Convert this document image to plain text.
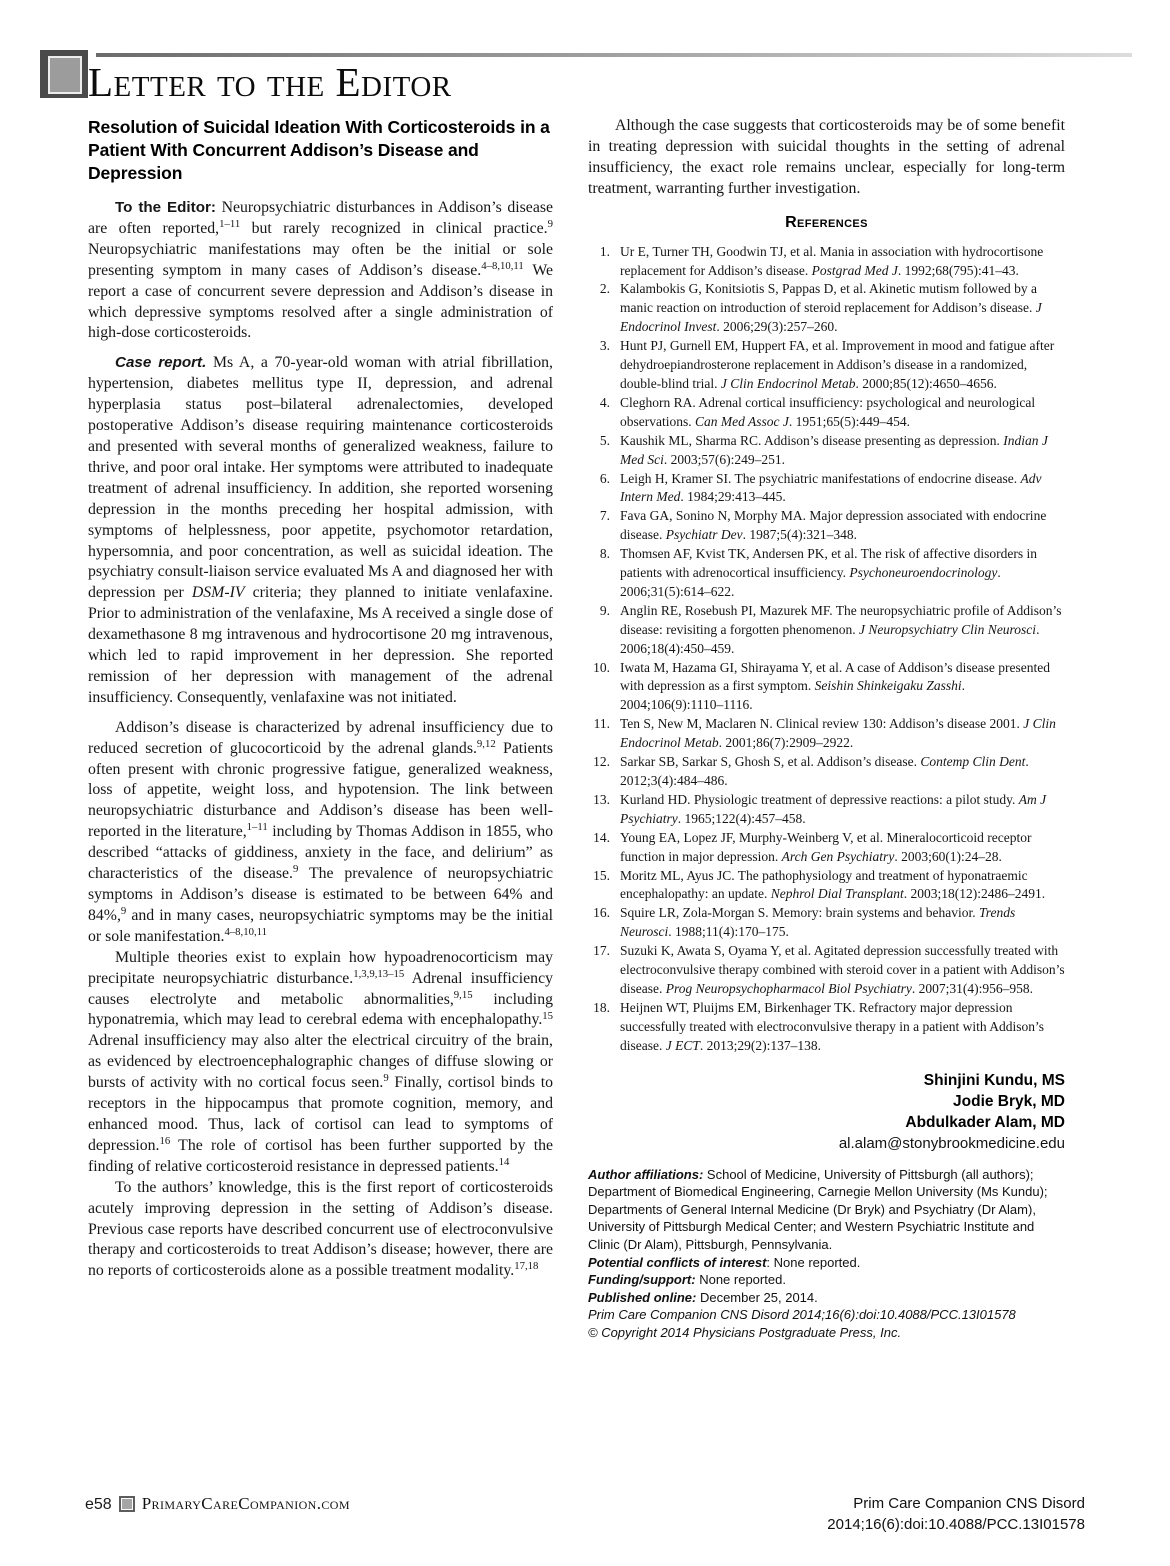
Letter to the Editor
Resolution of Suicidal Ideation With Corticosteroids in a Patient With Concurrent Addison’s Disease and Depression

To the Editor: Neuropsychiatric disturbances in Addison’s disease are often reported,$^{1-11}$ but rarely recognized in clinical practice.$^9$ Neuropsychiatric manifestations may often be the initial or sole presenting symptom in many cases of Addison’s disease.$^{4-8,10,11}$ We report a case of concurrent severe depression and Addison’s disease in which depressive symptoms resolved after a single administration of high-dose corticosteroids.

Case report. Ms A, a 70-year-old woman with atrial fibrillation, hypertension, diabetes mellitus type II, depression, and adrenal hyperplasia status post–bilateral adrenalectomies, developed postoperative Addison’s disease requiring maintenance corticosteroids and presented with several months of generalized weakness, failure to thrive, and poor oral intake. Her symptoms were attributed to inadequate treatment of adrenal insufficiency. In addition, she reported worsening depression in the months preceding her hospital admission, with symptoms of helplessness, poor appetite, psychomotor retardation, hypersomnia, and poor concentration, as well as suicidal ideation. The psychiatry consult-liaison service evaluated Ms A and diagnosed her with depression per DSM-IV criteria; they planned to initiate venlafaxine. Prior to administration of the venlafaxine, Ms A received a single dose of dexamethasone 8 mg intravenous and hydrocortisone 20 mg intravenous, which led to rapid improvement in her depression. She reported remission of her depression with management of the adrenal insufficiency. Consequently, venlafaxine was not initiated.

Addison’s disease is characterized by adrenal insufficiency due to reduced secretion of glucocorticoid by the adrenal glands.$^{9,12}$ Patients often present with chronic progressive fatigue, generalized weakness, loss of appetite, weight loss, and hypotension. The link between neuropsychiatric disturbance and Addison’s disease has been well-reported in the literature,$^{1-11}$ including by Thomas Addison in 1855, who described “attacks of giddiness, anxiety in the face, and delirium” as characteristics of the disease.$^9$ The prevalence of neuropsychiatric symptoms in Addison’s disease is estimated to be between 64% and 84%,$^9$ and in many cases, neuropsychiatric symptoms may be the initial or sole manifestation.$^{4-8,10,11}$

Multiple theories exist to explain how hypoadrenocorticism may precipitate neuropsychiatric disturbance.$^{1,3,9,13-15}$ Adrenal insufficiency causes electrolyte and metabolic abnormalities,$^{9,15}$ including hyponatremia, which may lead to cerebral edema with encephalopathy.$^{15}$ Adrenal insufficiency may also alter the electrical circuitry of the brain, as evidenced by electroencephalographic changes of diffuse slowing or bursts of activity with no cortical focus seen.$^9$ Finally, cortisol binds to receptors in the hippocampus that promote cognition, memory, and enhanced mood. Thus, lack of cortisol can lead to symptoms of depression.$^{16}$ The role of cortisol has been further supported by the finding of relative corticosteroid resistance in depressed patients.$^{14}$

To the authors’ knowledge, this is the first report of corticosteroids acutely improving depression in the setting of Addison’s disease. Previous case reports have described concurrent use of electroconvulsive therapy and corticosteroids to treat Addison’s disease; however, there are no reports of corticosteroids alone as a possible treatment modality.$^{17,18}$

Although the case suggests that corticosteroids may be of some benefit in treating depression with suicidal thoughts in the setting of adrenal insufficiency, the exact role remains unclear, especially for long-term treatment, warranting further investigation.

References
1. Ur E, Turner TH, Goodwin TJ, et al. Mania in association with hydrocortisone replacement for Addison’s disease. Postgrad Med J. 1992;68(795):41–43.
2. Kalambokis G, Konitsiotis S, Pappas D, et al. Akinetic mutism followed by a manic reaction on introduction of steroid replacement for Addison’s disease. J Endocrinol Invest. 2006;29(3):257–260.
3. Hunt PJ, Gurnell EM, Huppert FA, et al. Improvement in mood and fatigue after dehydroepiandrosterone replacement in Addison’s disease in a randomized, double-blind trial. J Clin Endocrinol Metab. 2000;85(12):4650–4656.
4. Cleghorn RA. Adrenal cortical insufficiency: psychological and neurological observations. Can Med Assoc J. 1951;65(5):449–454.
5. Kaushik ML, Sharma RC. Addison’s disease presenting as depression. Indian J Med Sci. 2003;57(6):249–251.
6. Leigh H, Kramer SI. The psychiatric manifestations of endocrine disease. Adv Intern Med. 1984;29:413–445.
7. Fava GA, Sonino N, Morphy MA. Major depression associated with endocrine disease. Psychiatr Dev. 1987;5(4):321–348.
8. Thomsen AF, Kvist TK, Andersen PK, et al. The risk of affective disorders in patients with adrenocortical insufficiency. Psychoneuroendocrinology. 2006;31(5):614–622.
9. Anglin RE, Rosebush PI, Mazurek MF. The neuropsychiatric profile of Addison’s disease: revisiting a forgotten phenomenon. J Neuropsychiatry Clin Neurosci. 2006;18(4):450–459.
10. Iwata M, Hazama GI, Shirayama Y, et al. A case of Addison’s disease presented with depression as a first symptom. Seishin Shinkeigaku Zasshi. 2004;106(9):1110–1116.
11. Ten S, New M, Maclaren N. Clinical review 130: Addison’s disease 2001. J Clin Endocrinol Metab. 2001;86(7):2909–2922.
12. Sarkar SB, Sarkar S, Ghosh S, et al. Addison’s disease. Contemp Clin Dent. 2012;3(4):484–486.
13. Kurland HD. Physiologic treatment of depressive reactions: a pilot study. Am J Psychiatry. 1965;122(4):457–458.
14. Young EA, Lopez JF, Murphy-Weinberg V, et al. Mineralocorticoid receptor function in major depression. Arch Gen Psychiatry. 2003;60(1):24–28.
15. Moritz ML, Ayus JC. The pathophysiology and treatment of hyponatraemic encephalopathy: an update. Nephrol Dial Transplant. 2003;18(12):2486–2491.
16. Squire LR, Zola-Morgan S. Memory: brain systems and behavior. Trends Neurosci. 1988;11(4):170–175.
17. Suzuki K, Awata S, Oyama Y, et al. Agitated depression successfully treated with electroconvulsive therapy combined with steroid cover in a patient with Addison’s disease. Prog Neuropsychopharmacol Biol Psychiatry. 2007;31(4):956–958.
18. Heijnen WT, Pluijms EM, Birkenhager TK. Refractory major depression successfully treated with electroconvulsive therapy in a patient with Addison’s disease. J ECT. 2013;29(2):137–138.
Shinjini Kundu, MS
Jodie Bryk, MD
Abdulkader Alam, MD
al.alam@stonybrookmedicine.edu
Author affiliations: School of Medicine, University of Pittsburgh (all authors); Department of Biomedical Engineering, Carnegie Mellon University (Ms Kundu); Departments of General Internal Medicine (Dr Bryk) and Psychiatry (Dr Alam), University of Pittsburgh Medical Center; and Western Psychiatric Institute and Clinic (Dr Alam), Pittsburgh, Pennsylvania.
Potential conflicts of interest: None reported.
Funding/support: None reported.
Published online: December 25, 2014.
Prim Care Companion CNS Disord 2014;16(6):doi:10.4088/PCC.13I01578
© Copyright 2014 Physicians Postgraduate Press, Inc.
e58 PrimaryCareCompanion.com	Prim Care Companion CNS Disord
2014;16(6):doi:10.4088/PCC.13I01578
